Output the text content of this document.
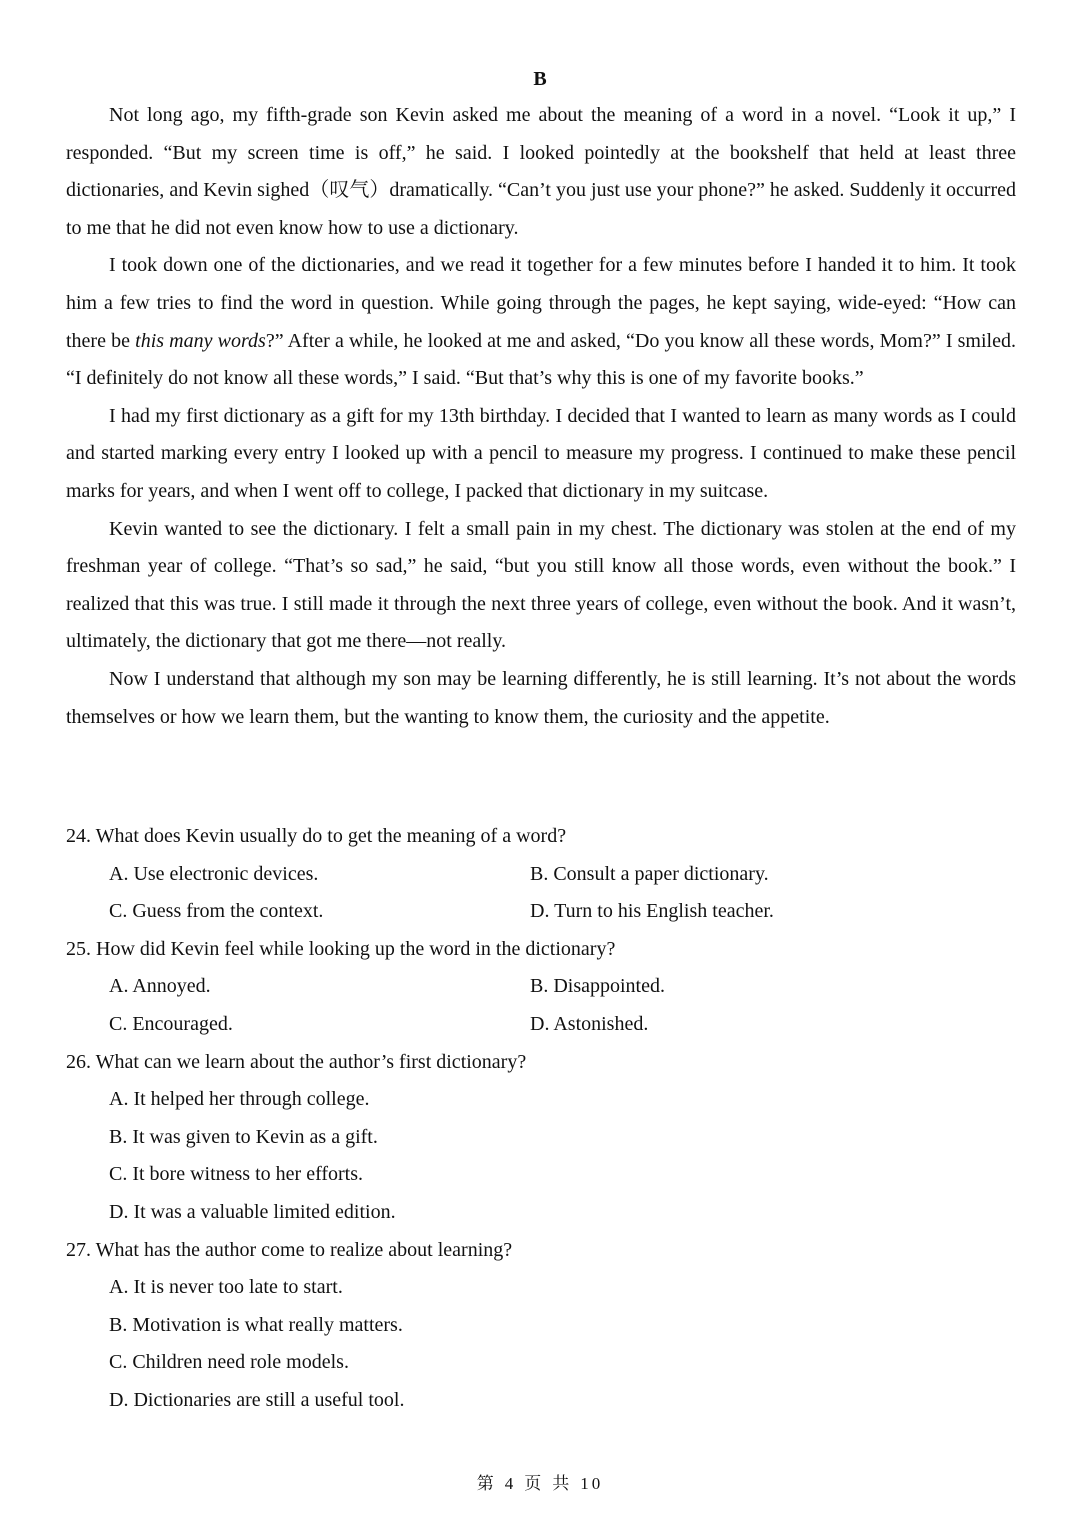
B

Not long ago, my fifth-grade son Kevin asked me about the meaning of a word in a novel. “Look it up,” I responded. “But my screen time is off,” he said. I looked pointedly at the bookshelf that held at least three dictionaries, and Kevin sighed（叹气）dramatically. “Can’t you just use your phone?” he asked. Suddenly it occurred to me that he did not even know how to use a dictionary.

I took down one of the dictionaries, and we read it together for a few minutes before I handed it to him. It took him a few tries to find the word in question. While going through the pages, he kept saying, wide-eyed: “How can there be this many words?” After a while, he looked at me and asked, “Do you know all these words, Mom?” I smiled. “I definitely do not know all these words,” I said. “But that’s why this is one of my favorite books.”

I had my first dictionary as a gift for my 13th birthday. I decided that I wanted to learn as many words as I could and started marking every entry I looked up with a pencil to measure my progress. I continued to make these pencil marks for years, and when I went off to college, I packed that dictionary in my suitcase.

Kevin wanted to see the dictionary. I felt a small pain in my chest. The dictionary was stolen at the end of my freshman year of college. “That’s so sad,” he said, “but you still know all those words, even without the book.” I realized that this was true. I still made it through the next three years of college, even without the book. And it wasn’t, ultimately, the dictionary that got me there—not really.

Now I understand that although my son may be learning differently, he is still learning. It’s not about the words themselves or how we learn them, but the wanting to know them, the curiosity and the appetite.

24. What does Kevin usually do to get the meaning of a word?
A. Use electronic devices.	B. Consult a paper dictionary.
C. Guess from the context.	D. Turn to his English teacher.
25. How did Kevin feel while looking up the word in the dictionary?
A. Annoyed.	B. Disappointed.
C. Encouraged.	D. Astonished.
26. What can we learn about the author’s first dictionary?
A. It helped her through college.
B. It was given to Kevin as a gift.
C. It bore witness to her efforts.
D. It was a valuable limited edition.
27. What has the author come to realize about learning?
A. It is never too late to start.
B. Motivation is what really matters.
C. Children need role models.
D. Dictionaries are still a useful tool.
第 4 页 共 10
